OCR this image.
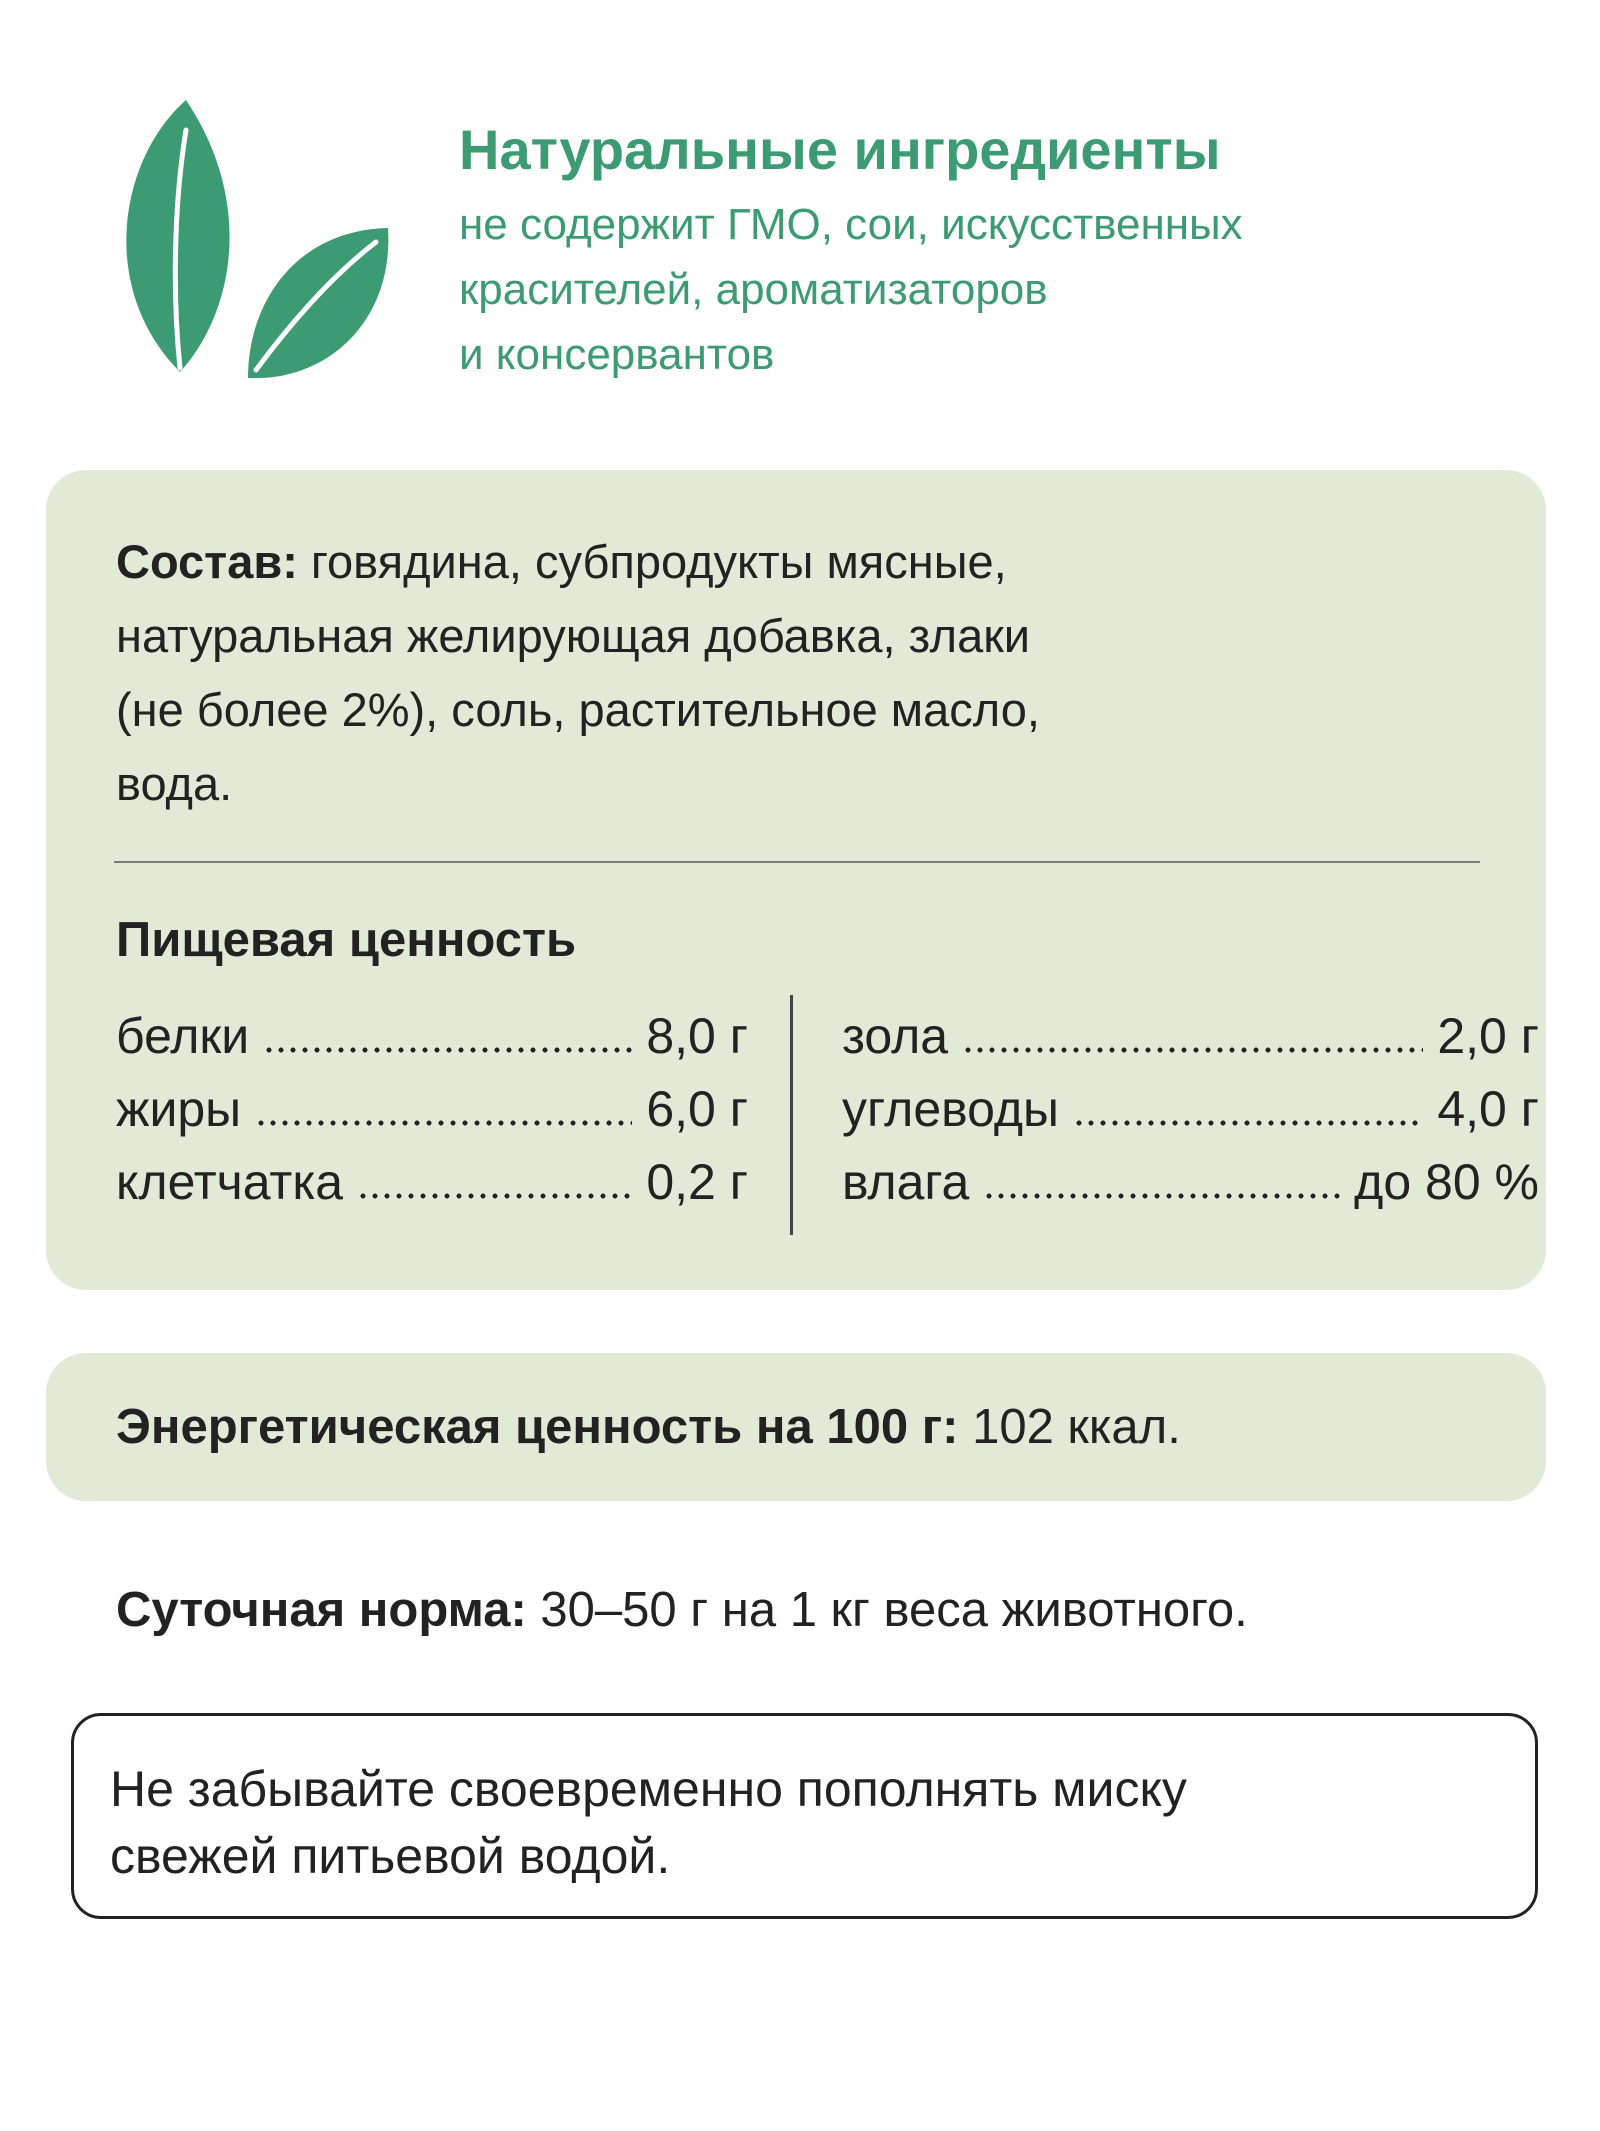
Натуральные ингредиенты
не содержит ГМО, сои, искусственных
красителей, ароматизаторов
и консервантов
Состав: говядина, субпродукты мясные,
натуральная желирующая добавка, злаки
(не более 2%), соль, растительное масло,
вода.
Пищевая ценность
белки	8,0 г
жиры	6,0 г
клетчатка	0,2 г
зола	2,0 г
углеводы	4,0 г
влага	до 80 %
Энергетическая ценность на 100 г: 102 ккал.
Суточная норма: 30–50 г на 1 кг веса животного.
Не забывайте своевременно пополнять миску
свежей питьевой водой.
